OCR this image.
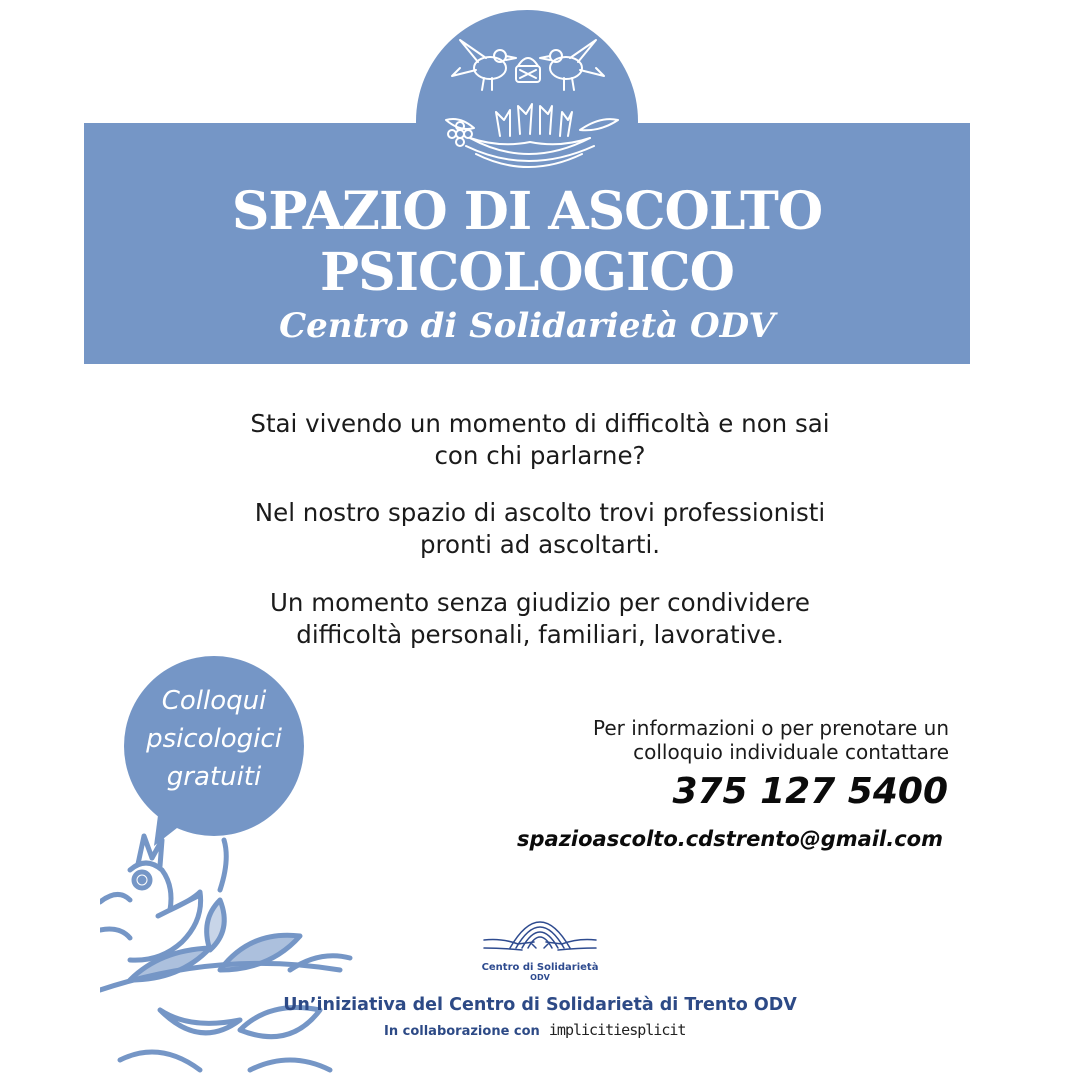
SPAZIO DI ASCOLTO
PSICOLOGICO
Centro di Solidarietà ODV
Stai vivendo un momento di difficoltà e non sai con chi parlarne?
Nel nostro spazio di ascolto trovi professionisti pronti ad ascoltarti.
Un momento senza giudizio per condividere difficoltà personali, familiari, lavorative.
Colloqui
psicologici
gratuiti
Per informazioni o per prenotare un
colloquio individuale contattare
375 127 5400
spazioascolto.cdstrento@gmail.com
Centro di Solidarietà
ODV
Un’iniziativa del Centro di Solidarietà di Trento ODV
In collaborazione con implicitiesplicit
